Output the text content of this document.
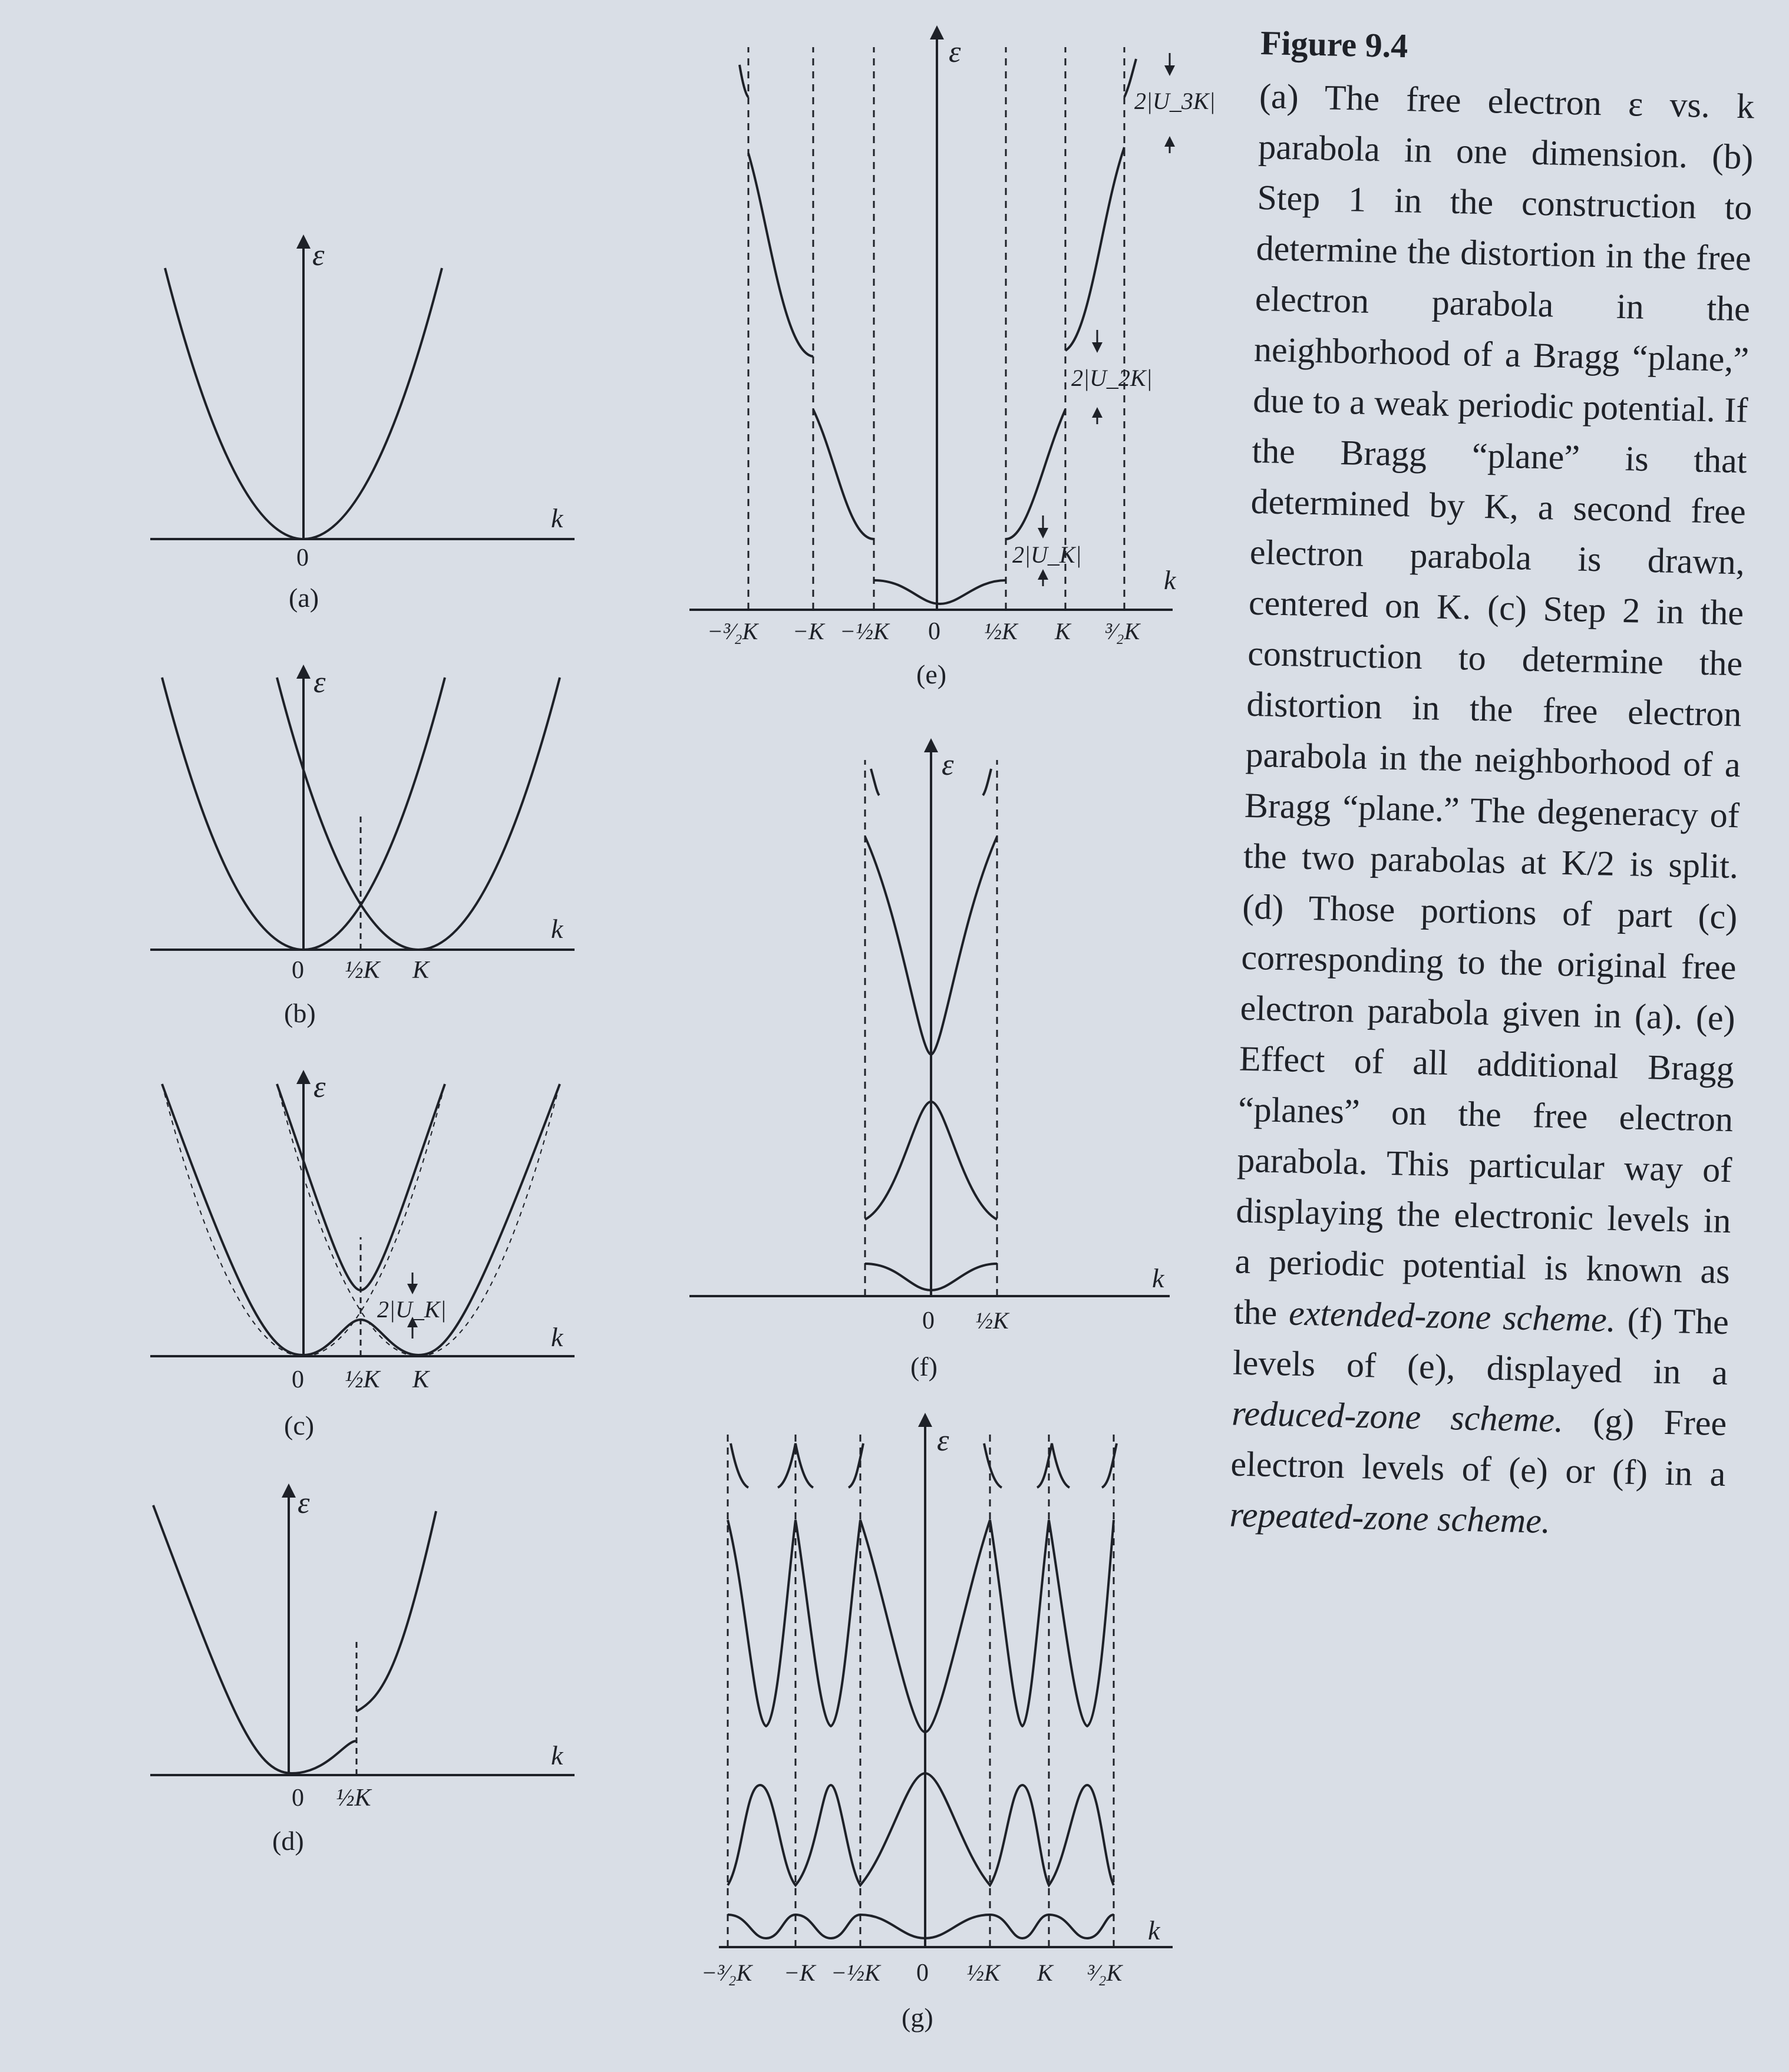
ε
k
0
(a)
ε
k
0 ½K K
(b)
2|U_K|
ε
k
0 ½K K
(c)
ε
k
0 ½K
(d)
2|U_K|
2|U_2K|
2|U_3K|
ε
k
−³⁄₂K −K −½K 0 ½K K ³⁄₂K
(e)
ε
k
0 ½K
(f)
ε
k
−³⁄₂K −K −½K 0 ½K K ³⁄₂K
(g)
Figure 9.4

(a) The free electron ε vs. k parabola in one dimension. (b) Step 1 in the construction to determine the distortion in the free electron parabola in the neighborhood of a Bragg “plane,” due to a weak periodic potential. If the Bragg “plane” is that determined by K, a second free electron parabola is drawn, centered on K. (c) Step 2 in the construction to determine the distortion in the free electron parabola in the neighborhood of a Bragg “plane.” The degeneracy of the two parabolas at K/2 is split. (d) Those portions of part (c) corresponding to the original free electron parabola given in (a). (e) Effect of all additional Bragg “planes” on the free electron parabola. This particular way of displaying the electronic levels in a periodic potential is known as the extended-zone scheme. (f) The levels of (e), displayed in a reduced-zone scheme. (g) Free electron levels of (e) or (f) in a repeated-zone scheme.
